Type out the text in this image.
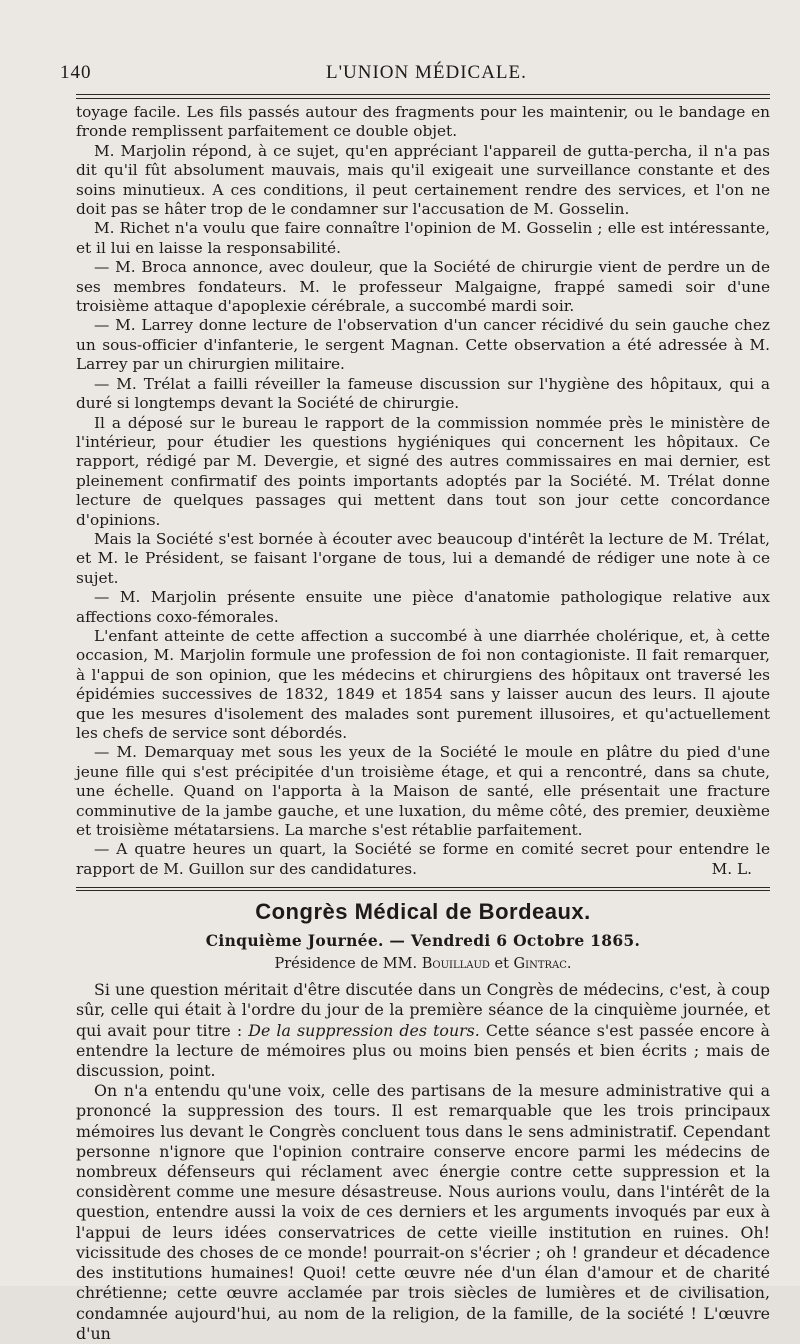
140	L'UNION MÉDICALE.

toyage facile. Les fils passés autour des fragments pour les maintenir, ou le bandage en fronde remplissent parfaitement ce double objet.

M. Marjolin répond, à ce sujet, qu'en appréciant l'appareil de gutta-percha, il n'a pas dit qu'il fût absolument mauvais, mais qu'il exigeait une surveillance constante et des soins minutieux. A ces conditions, il peut certainement rendre des services, et l'on ne doit pas se hâter trop de le condamner sur l'accusation de M. Gosselin.

M. Richet n'a voulu que faire connaître l'opinion de M. Gosselin ; elle est intéressante, et il lui en laisse la responsabilité.

— M. Broca annonce, avec douleur, que la Société de chirurgie vient de perdre un de ses membres fondateurs. M. le professeur Malgaigne, frappé samedi soir d'une troisième attaque d'apoplexie cérébrale, a succombé mardi soir.

— M. Larrey donne lecture de l'observation d'un cancer récidivé du sein gauche chez un sous-officier d'infanterie, le sergent Magnan. Cette observation a été adressée à M. Larrey par un chirurgien militaire.

— M. Trélat a failli réveiller la fameuse discussion sur l'hygiène des hôpitaux, qui a duré si longtemps devant la Société de chirurgie.

Il a déposé sur le bureau le rapport de la commission nommée près le ministère de l'intérieur, pour étudier les questions hygiéniques qui concernent les hôpitaux. Ce rapport, rédigé par M. Devergie, et signé des autres commissaires en mai dernier, est pleinement confirmatif des points importants adoptés par la Société. M. Trélat donne lecture de quelques passages qui mettent dans tout son jour cette concordance d'opinions.

Mais la Société s'est bornée à écouter avec beaucoup d'intérêt la lecture de M. Trélat, et M. le Président, se faisant l'organe de tous, lui a demandé de rédiger une note à ce sujet.

— M. Marjolin présente ensuite une pièce d'anatomie pathologique relative aux affections coxo-fémorales.

L'enfant atteinte de cette affection a succombé à une diarrhée cholérique, et, à cette occasion, M. Marjolin formule une profession de foi non contagioniste. Il fait remarquer, à l'appui de son opinion, que les médecins et chirurgiens des hôpitaux ont traversé les épidémies successives de 1832, 1849 et 1854 sans y laisser aucun des leurs. Il ajoute que les mesures d'isolement des malades sont purement illusoires, et qu'actuellement les chefs de service sont débordés.

— M. Demarquay met sous les yeux de la Société le moule en plâtre du pied d'une jeune fille qui s'est précipitée d'un troisième étage, et qui a rencontré, dans sa chute, une échelle. Quand on l'apporta à la Maison de santé, elle présentait une fracture comminutive de la jambe gauche, et une luxation, du même côté, des premier, deuxième et troisième métatarsiens. La marche s'est rétablie parfaitement.

— A quatre heures un quart, la Société se forme en comité secret pour entendre le rapport de M. Guillon sur des candidatures.	M. L.

Congrès Médical de Bordeaux.
Cinquième Journée. — Vendredi 6 Octobre 1865.
Présidence de MM. Bouillaud et Gintrac.

Si une question méritait d'être discutée dans un Congrès de médecins, c'est, à coup sûr, celle qui était à l'ordre du jour de la première séance de la cinquième journée, et qui avait pour titre : De la suppression des tours. Cette séance s'est passée encore à entendre la lecture de mémoires plus ou moins bien pensés et bien écrits ; mais de discussion, point.

On n'a entendu qu'une voix, celle des partisans de la mesure administrative qui a prononcé la suppression des tours. Il est remarquable que les trois principaux mémoires lus devant le Congrès concluent tous dans le sens administratif. Cependant personne n'ignore que l'opinion contraire conserve encore parmi les médecins de nombreux défenseurs qui réclament avec énergie contre cette suppression et la considèrent comme une mesure désastreuse. Nous aurions voulu, dans l'intérêt de la question, entendre aussi la voix de ces derniers et les arguments invoqués par eux à l'appui de leurs idées conservatrices de cette vieille institution en ruines. Oh! vicissitude des choses de ce monde! pourrait-on s'écrier ; oh ! grandeur et décadence des institutions humaines! Quoi! cette œuvre née d'un élan d'amour et de charité chrétienne; cette œuvre acclamée par trois siècles de lumières et de civilisation, condamnée aujourd'hui, au nom de la religion, de la famille, de la société ! L'œuvre d'un
